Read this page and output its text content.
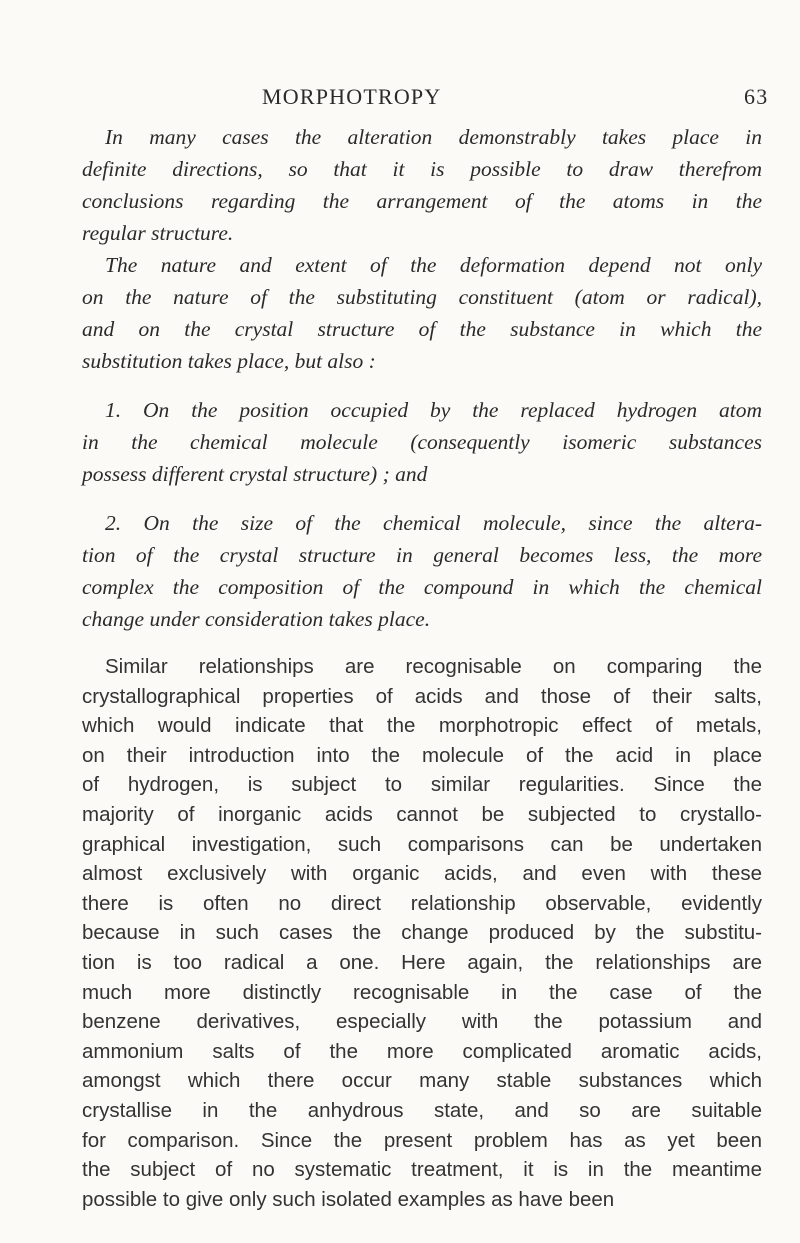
MORPHOTROPY	63

In many cases the alteration demonstrably takes place in
definite directions, so that it is possible to draw therefrom
conclusions regarding the arrangement of the atoms in the
regular structure.

The nature and extent of the deformation depend not only
on the nature of the substituting constituent (atom or radical),
and on the crystal structure of the substance in which the
substitution takes place, but also :

1. On the position occupied by the replaced hydrogen atom
in the chemical molecule (consequently isomeric substances
possess different crystal structure) ; and

2. On the size of the chemical molecule, since the altera-
tion of the crystal structure in general becomes less, the more
complex the composition of the compound in which the chemical
change under consideration takes place.

Similar relationships are recognisable on comparing the
crystallographical properties of acids and those of their salts,
which would indicate that the morphotropic effect of metals,
on their introduction into the molecule of the acid in place
of hydrogen, is subject to similar regularities. Since the
majority of inorganic acids cannot be subjected to crystallo-
graphical investigation, such comparisons can be undertaken
almost exclusively with organic acids, and even with these
there is often no direct relationship observable, evidently
because in such cases the change produced by the substitu-
tion is too radical a one. Here again, the relationships are
much more distinctly recognisable in the case of the
benzene derivatives, especially with the potassium and
ammonium salts of the more complicated aromatic acids,
amongst which there occur many stable substances which
crystallise in the anhydrous state, and so are suitable
for comparison. Since the present problem has as yet been
the subject of no systematic treatment, it is in the meantime
possible to give only such isolated examples as have been
